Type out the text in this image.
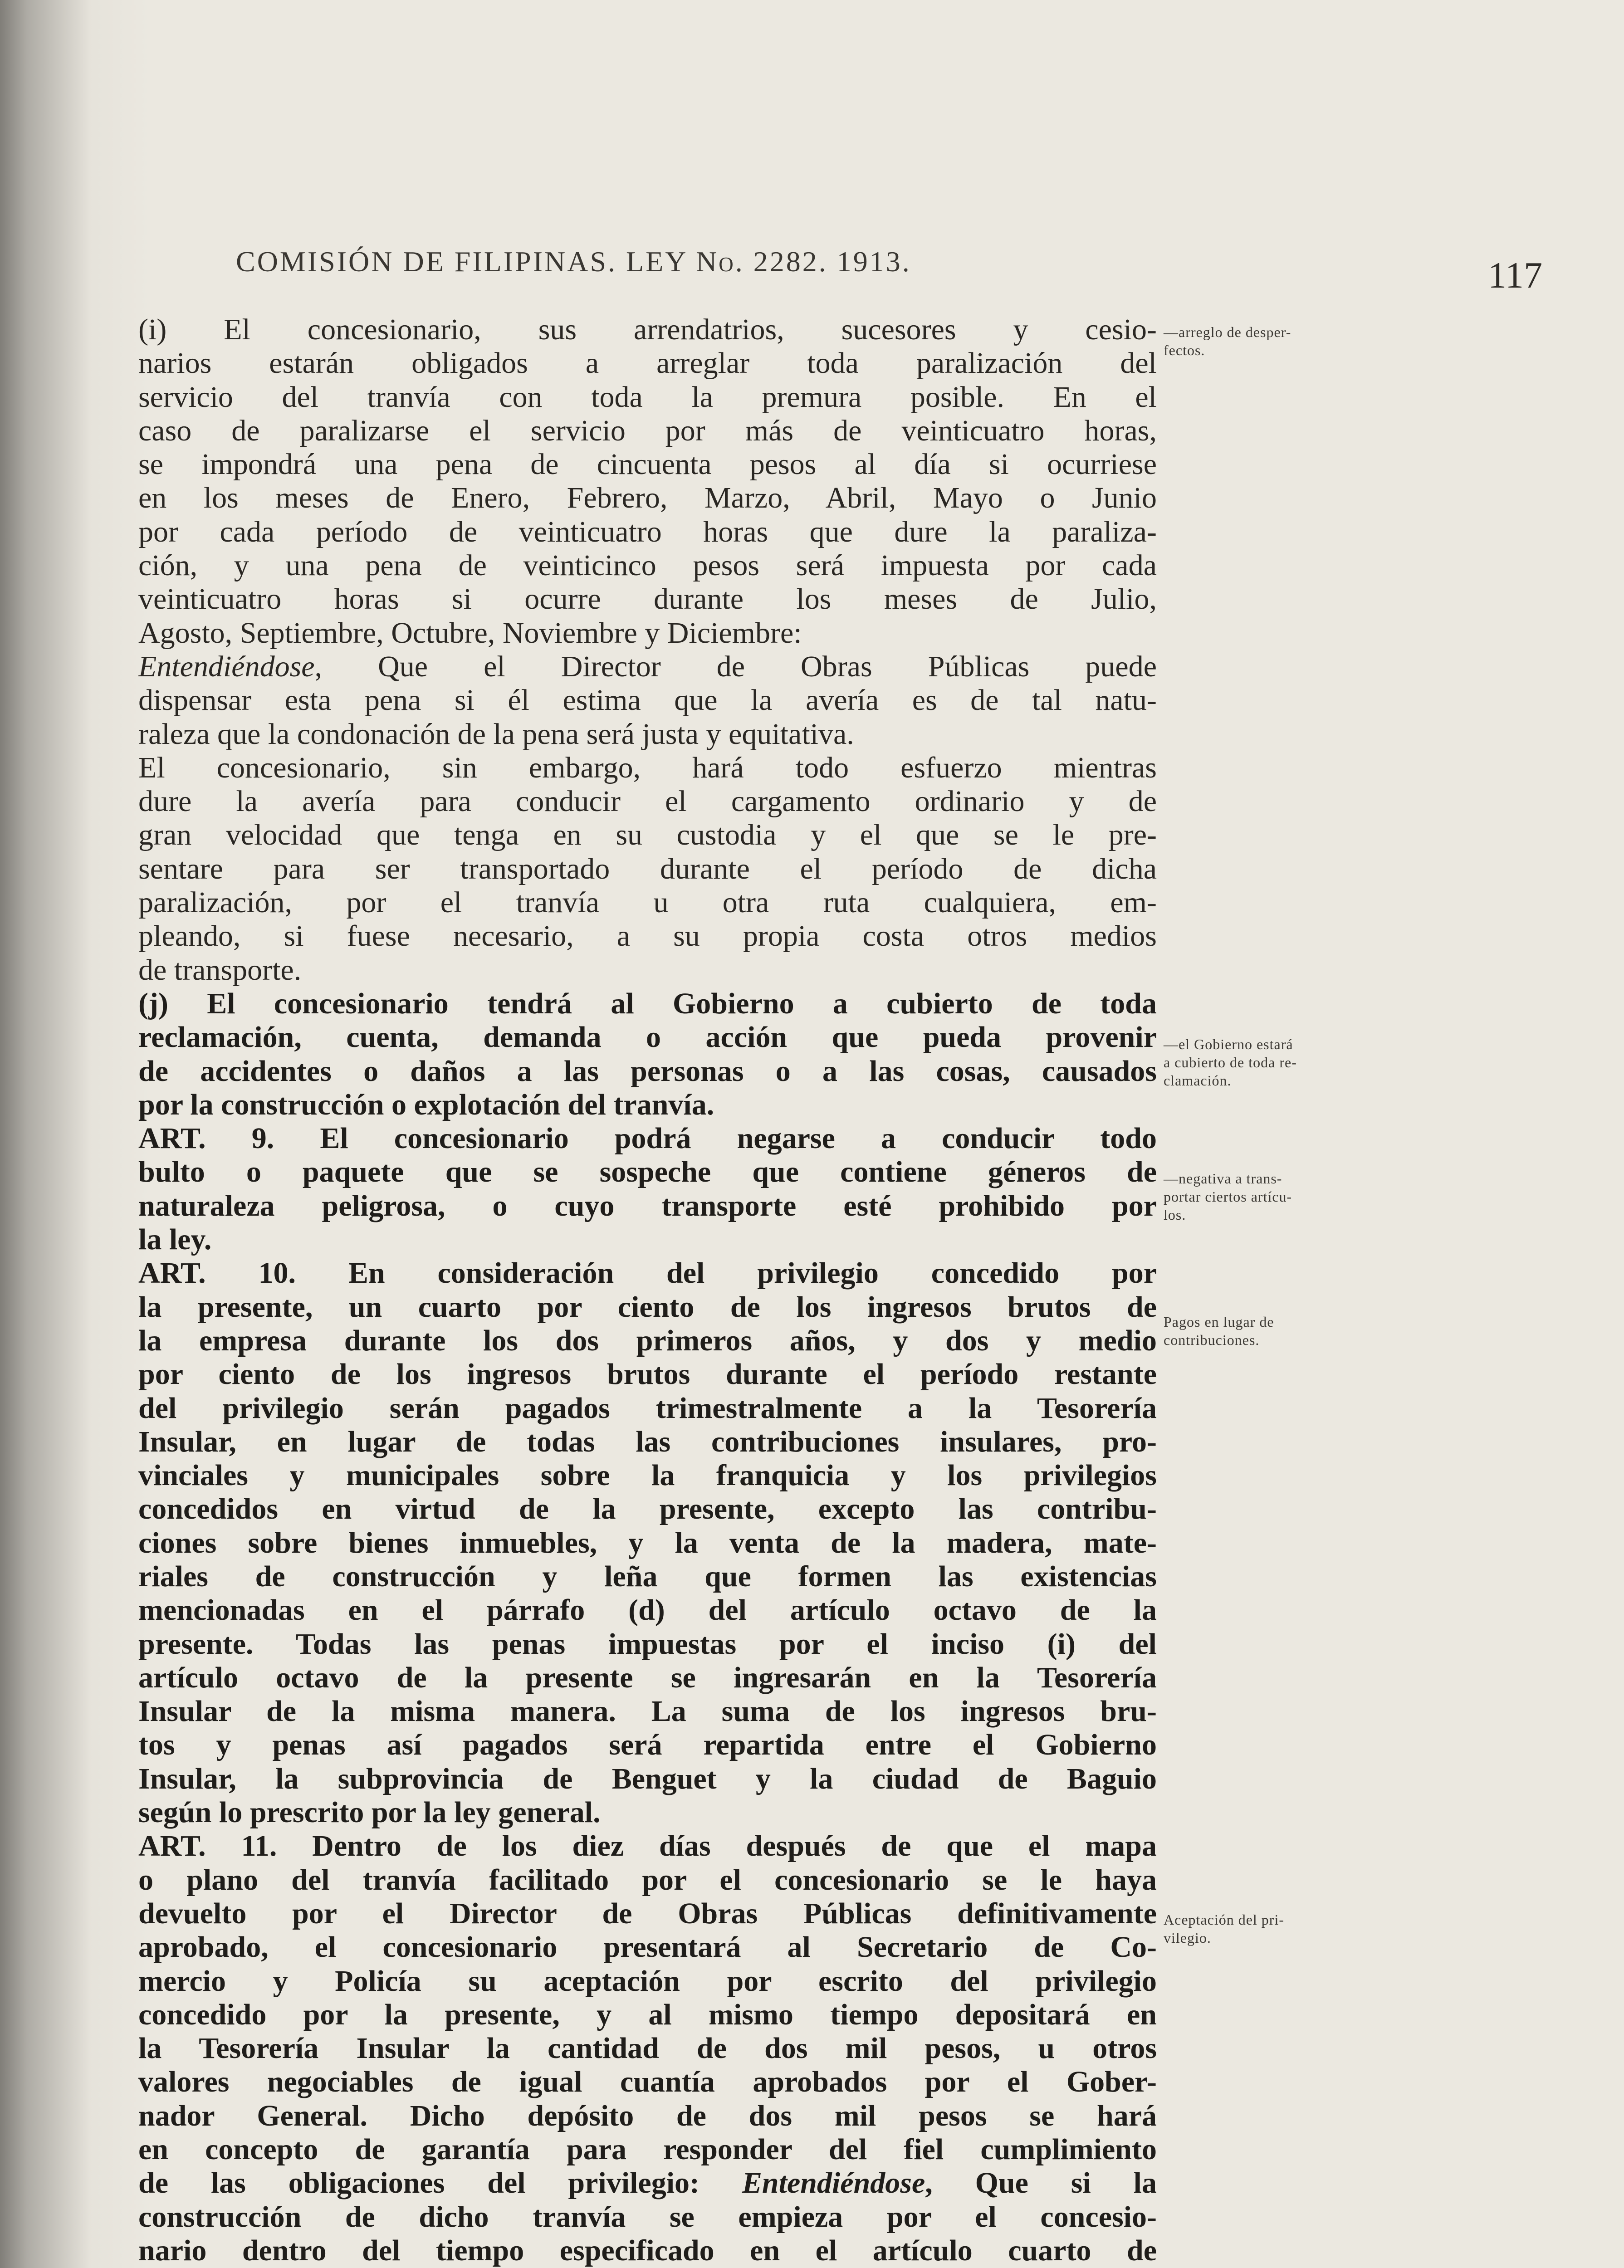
COMISIÓN DE FILIPINAS. LEY No. 2282. 1913.	117
(i) El concesionario, sus arrendatrios, sucesores y cesio-
narios estarán obligados a arreglar toda paralización del
servicio del tranvía con toda la premura posible. En el
caso de paralizarse el servicio por más de veinticuatro horas,
se impondrá una pena de cincuenta pesos al día si ocurriese
en los meses de Enero, Febrero, Marzo, Abril, Mayo o Junio
por cada período de veinticuatro horas que dure la paraliza-
ción, y una pena de veinticinco pesos será impuesta por cada
veinticuatro horas si ocurre durante los meses de Julio,
Agosto, Septiembre, Octubre, Noviembre y Diciembre:
Entendiéndose, Que el Director de Obras Públicas puede
dispensar esta pena si él estima que la avería es de tal natu-
raleza que la condonación de la pena será justa y equitativa.
El concesionario, sin embargo, hará todo esfuerzo mientras
dure la avería para conducir el cargamento ordinario y de
gran velocidad que tenga en su custodia y el que se le pre-
sentare para ser transportado durante el período de dicha
paralización, por el tranvía u otra ruta cualquiera, em-
pleando, si fuese necesario, a su propia costa otros medios
de transporte.
(j) El concesionario tendrá al Gobierno a cubierto de toda
reclamación, cuenta, demanda o acción que pueda provenir
de accidentes o daños a las personas o a las cosas, causados
por la construcción o explotación del tranvía.
ART. 9. El concesionario podrá negarse a conducir todo
bulto o paquete que se sospeche que contiene géneros de
naturaleza peligrosa, o cuyo transporte esté prohibido por
la ley.
ART. 10. En consideración del privilegio concedido por
la presente, un cuarto por ciento de los ingresos brutos de
la empresa durante los dos primeros años, y dos y medio
por ciento de los ingresos brutos durante el período restante
del privilegio serán pagados trimestralmente a la Tesorería
Insular, en lugar de todas las contribuciones insulares, pro-
vinciales y municipales sobre la franquicia y los privilegios
concedidos en virtud de la presente, excepto las contribu-
ciones sobre bienes inmuebles, y la venta de la madera, mate-
riales de construcción y leña que formen las existencias
mencionadas en el párrafo (d) del artículo octavo de la
presente. Todas las penas impuestas por el inciso (i) del
artículo octavo de la presente se ingresarán en la Tesorería
Insular de la misma manera. La suma de los ingresos bru-
tos y penas así pagados será repartida entre el Gobierno
Insular, la subprovincia de Benguet y la ciudad de Baguio
según lo prescrito por la ley general.
ART. 11. Dentro de los diez días después de que el mapa
o plano del tranvía facilitado por el concesionario se le haya
devuelto por el Director de Obras Públicas definitivamente
aprobado, el concesionario presentará al Secretario de Co-
mercio y Policía su aceptación por escrito del privilegio
concedido por la presente, y al mismo tiempo depositará en
la Tesorería Insular la cantidad de dos mil pesos, u otros
valores negociables de igual cuantía aprobados por el Gober-
nador General. Dicho depósito de dos mil pesos se hará
en concepto de garantía para responder del fiel cumplimiento
de las obligaciones del privilegio: Entendiéndose, Que si la
construcción de dicho tranvía se empieza por el concesio-
nario dentro del tiempo especificado en el artículo cuarto de
—arreglo de desper-
fectos.
—el Gobierno estará
a cubierto de toda re-
clamación.
—negativa a trans-
portar ciertos artícu-
los.
Pagos en lugar de
contribuciones.
Aceptación del pri-
vilegio.
